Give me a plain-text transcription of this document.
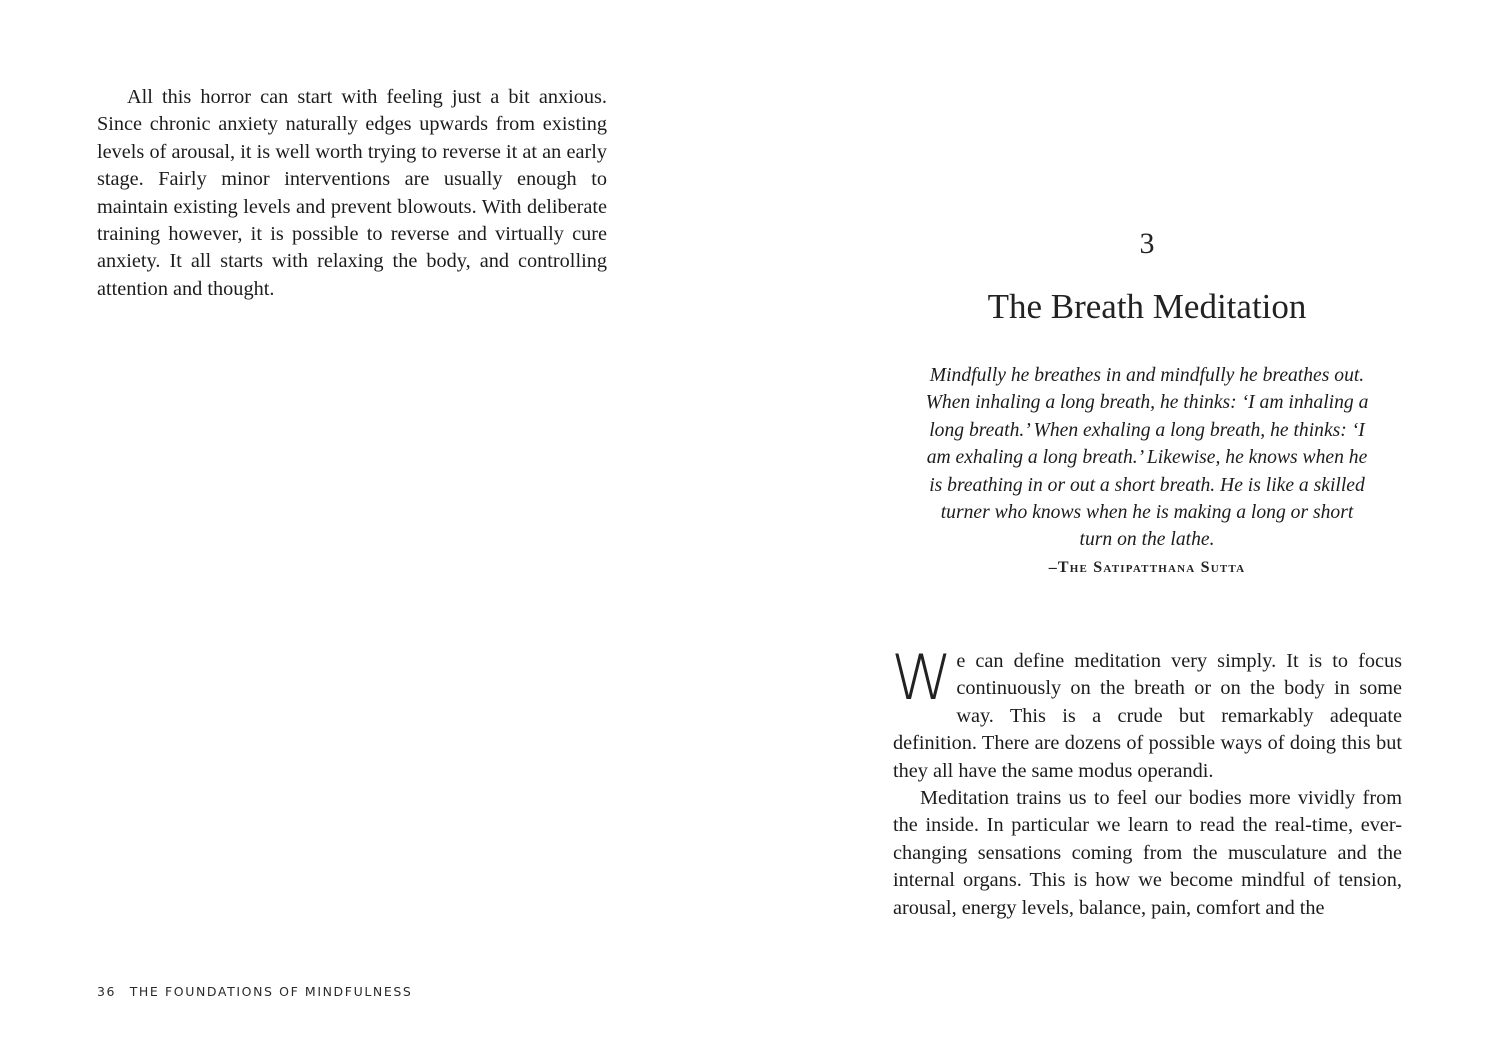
All this horror can start with feeling just a bit anxious. Since chronic anxiety naturally edges upwards from existing levels of arousal, it is well worth trying to reverse it at an early stage. Fairly minor interventions are usually enough to maintain existing levels and prevent blowouts. With deliberate training however, it is possible to reverse and virtually cure anxiety. It all starts with relaxing the body, and controlling attention and thought.

36 THE FOUNDATIONS OF MINDFULNESS
3
The Breath Meditation

Mindfully he breathes in and mindfully he breathes out. When inhaling a long breath, he thinks: ‘I am inhaling a long breath.’ When exhaling a long breath, he thinks: ‘I am exhaling a long breath.’ Likewise, he knows when he is breathing in or out a short breath. He is like a skilled turner who knows when he is making a long or short turn on the lathe.

–The Satipatthana Sutta

We can define meditation very simply. It is to focus continuously on the breath or on the body in some way. This is a crude but remarkably adequate definition. There are dozens of possible ways of doing this but they all have the same modus operandi.

Meditation trains us to feel our bodies more vividly from the inside. In particular we learn to read the real-time, ever-changing sensations coming from the musculature and the internal organs. This is how we become mindful of tension, arousal, energy levels, balance, pain, comfort and the
